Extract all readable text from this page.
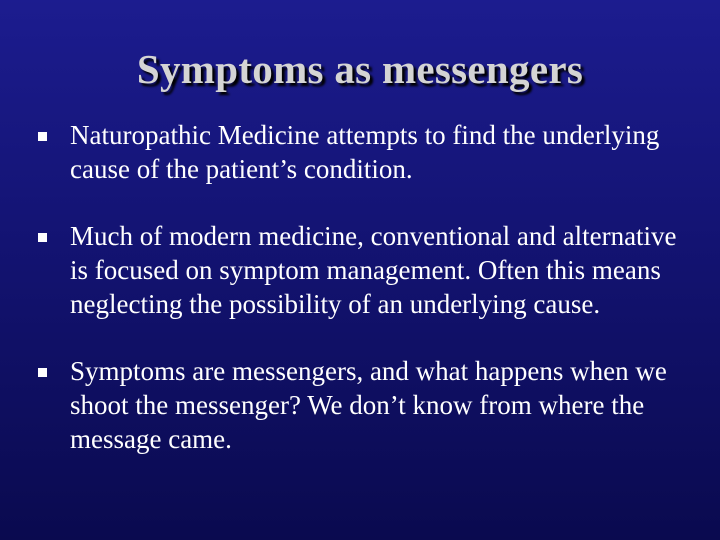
Symptoms as messengers
Naturopathic Medicine attempts to find the underlying cause of the patient’s condition.
Much of modern medicine, conventional and alternative is focused on symptom management. Often this means neglecting the possibility of an underlying cause.
Symptoms are messengers, and what happens when we shoot the messenger? We don’t know from where the message came.
